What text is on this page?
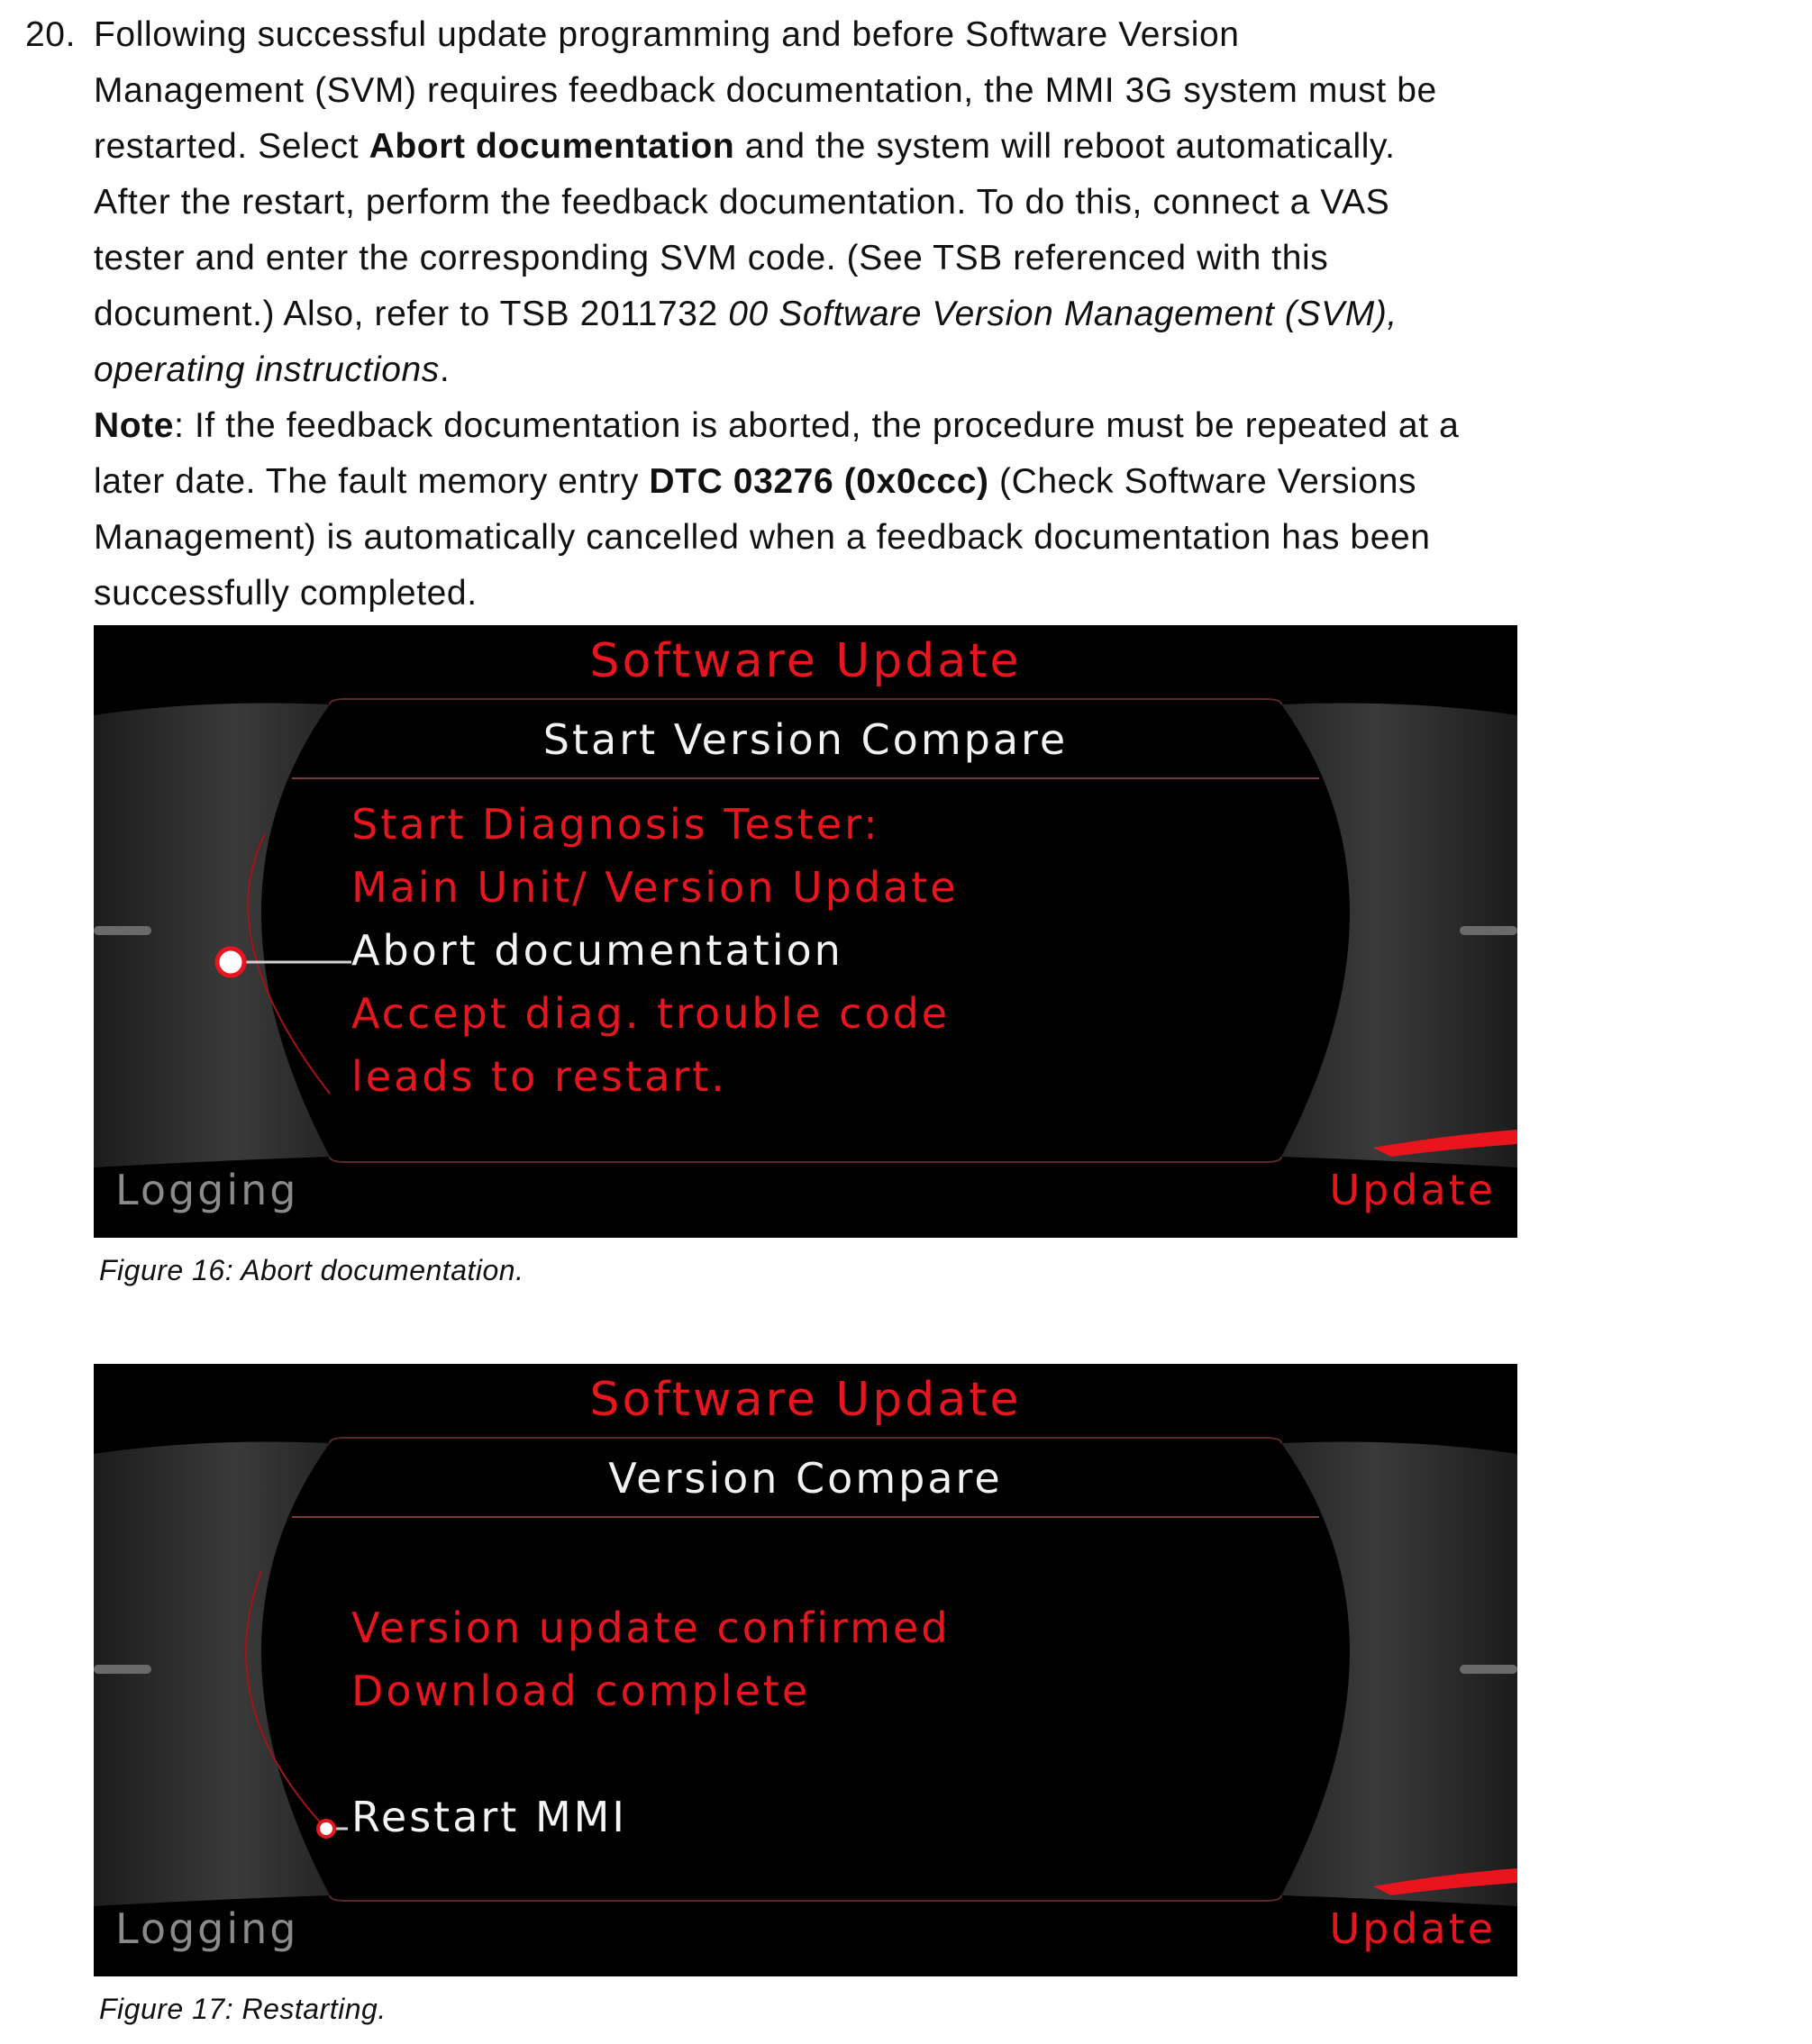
20. Following successful update programming and before Software Version
Management (SVM) requires feedback documentation, the MMI 3G system must be
restarted. Select Abort documentation and the system will reboot automatically.
After the restart, perform the feedback documentation. To do this, connect a VAS
tester and enter the corresponding SVM code. (See TSB referenced with this
document.) Also, refer to TSB 2011732 00 Software Version Management (SVM),
operating instructions.
Note: If the feedback documentation is aborted, the procedure must be repeated at a
later date. The fault memory entry DTC 03276 (0x0ccc) (Check Software Versions
Management) is automatically cancelled when a feedback documentation has been
successfully completed.
Software Update
Start Version Compare
Start Diagnosis Tester:
Main Unit/ Version Update
Abort documentation
Accept diag. trouble code
leads to restart.
Logging	Update

Figure 16: Abort documentation.

Software Update
Version Compare
Version update confirmed
Download complete
Restart MMI
Logging	Update

Figure 17: Restarting.
